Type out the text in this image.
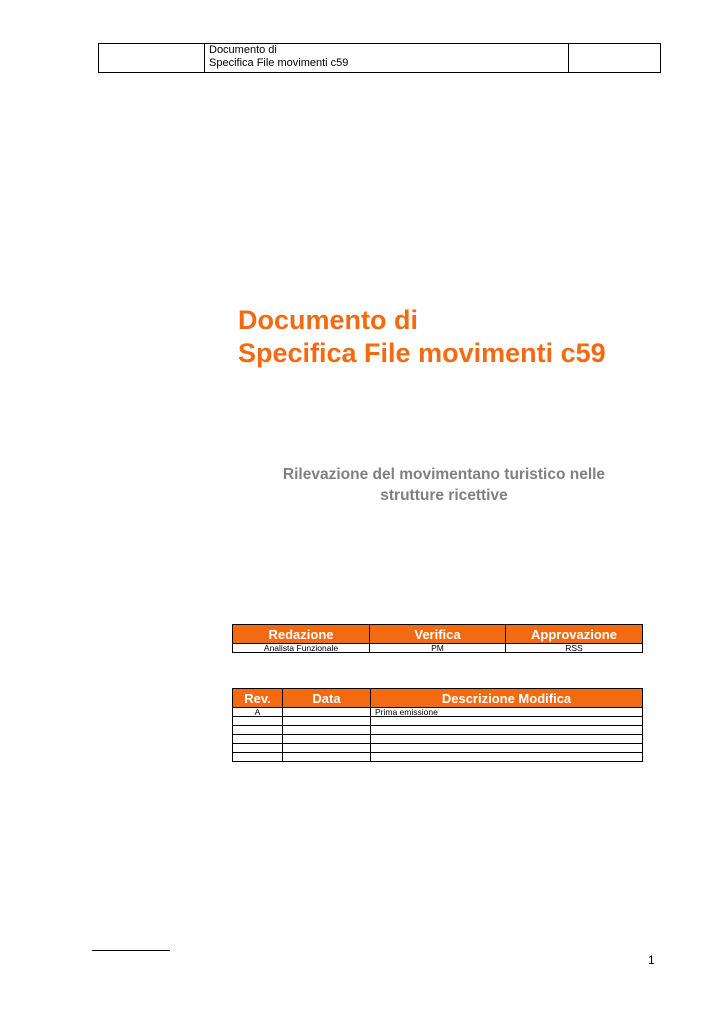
Documento di
Specifica File movimenti c59

Documento di
Specifica File movimenti c59
Rilevazione del movimentano turistico nelle
strutture ricettive
Redazione	Verifica	Approvazione
Analista Funzionale	PM	RSS
Rev.	Data	Descrizione Modifica
A		Prima emissione

1
